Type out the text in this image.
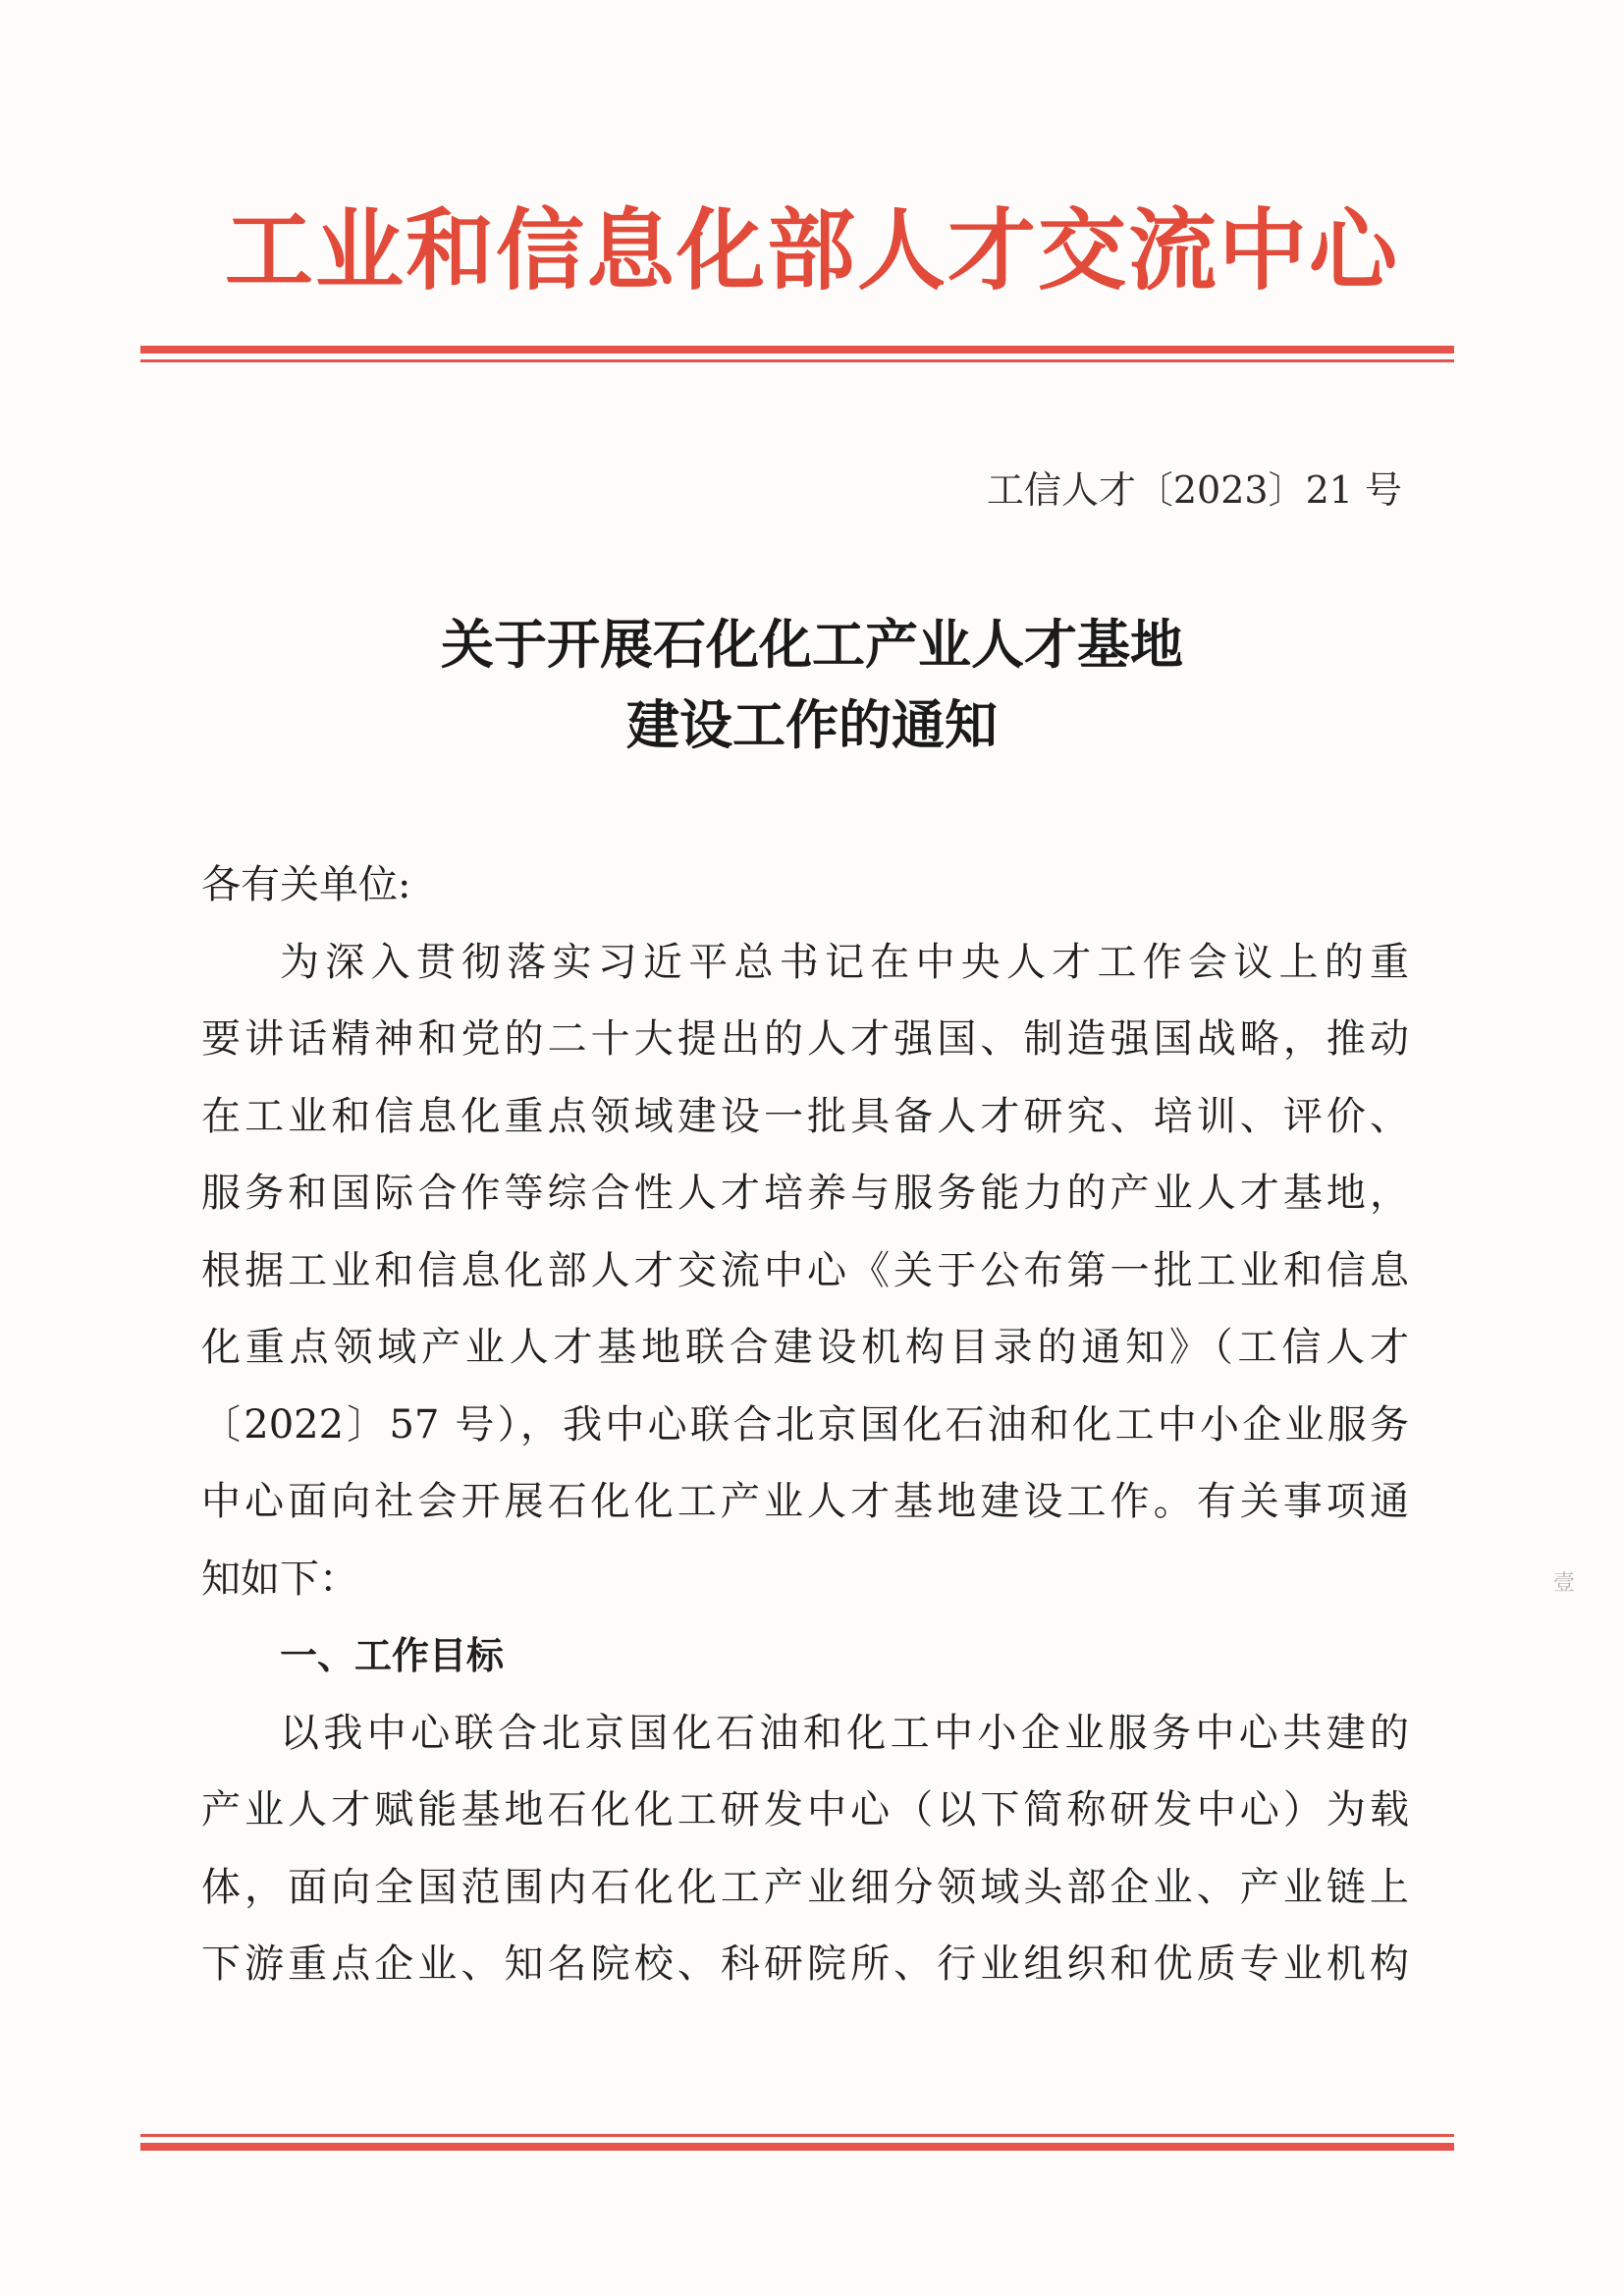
工业和信息化部人才交流中心
工信人才〔2023〕21 号
关于开展石化化工产业人才基地
建设工作的通知
各有关单位:
为深入贯彻落实习近平总书记在中央人才工作会议上的重
要讲话精神和党的二十大提出的人才强国、制造强国战略，推动
在工业和信息化重点领域建设一批具备人才研究、培训、评价、
服务和国际合作等综合性人才培养与服务能力的产业人才基地，
根据工业和信息化部人才交流中心《关于公布第一批工业和信息
化重点领域产业人才基地联合建设机构目录的通知》（工信人才
〔2022〕57 号），我中心联合北京国化石油和化工中小企业服务
中心面向社会开展石化化工产业人才基地建设工作。有关事项通
知如下：
一、工作目标
以我中心联合北京国化石油和化工中小企业服务中心共建的
产业人才赋能基地石化化工研发中心（以下简称研发中心）为载
体，面向全国范围内石化化工产业细分领域头部企业、产业链上
下游重点企业、知名院校、科研院所、行业组织和优质专业机构
壹
